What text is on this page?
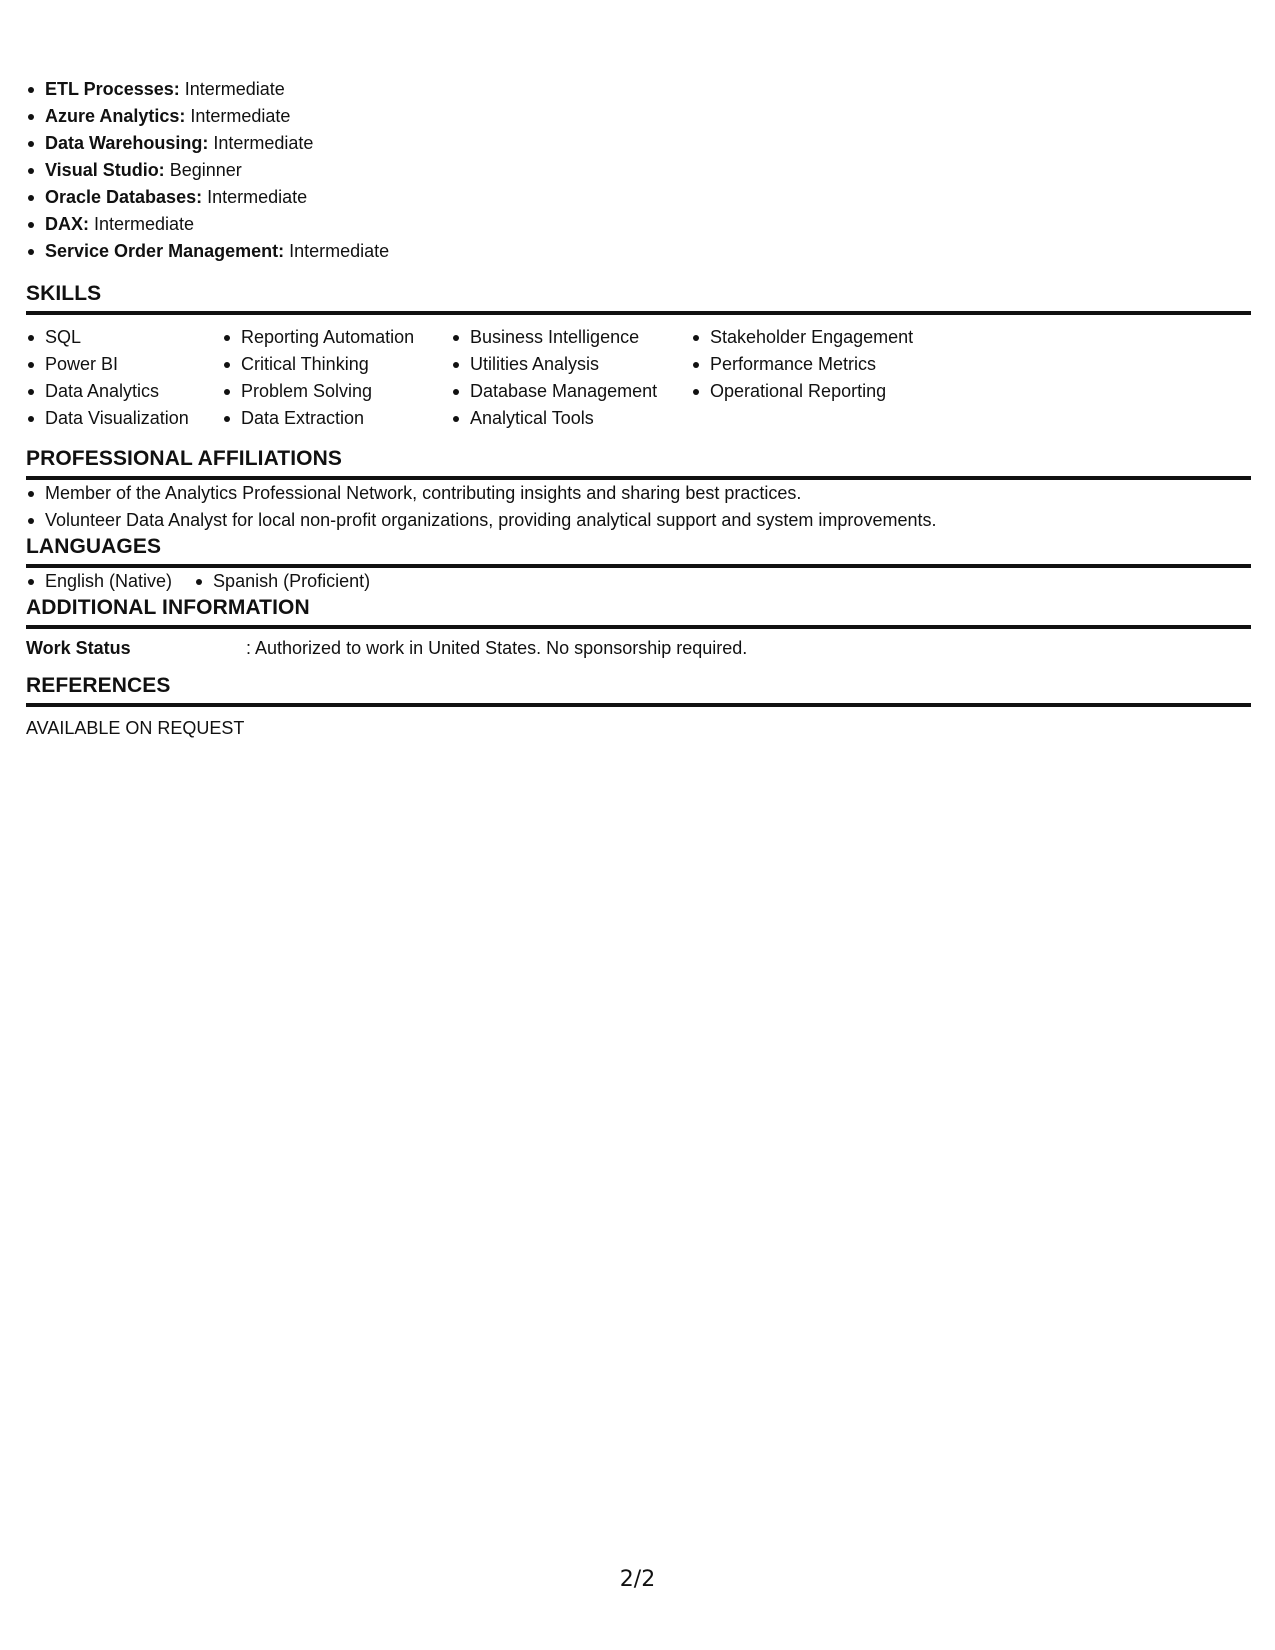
ETL Processes: Intermediate
Azure Analytics: Intermediate
Data Warehousing: Intermediate
Visual Studio: Beginner
Oracle Databases: Intermediate
DAX: Intermediate
Service Order Management: Intermediate
SKILLS
SQL
Power BI
Data Analytics
Data Visualization
Reporting Automation
Critical Thinking
Problem Solving
Data Extraction
Business Intelligence
Utilities Analysis
Database Management
Analytical Tools
Stakeholder Engagement
Performance Metrics
Operational Reporting
PROFESSIONAL AFFILIATIONS
Member of the Analytics Professional Network, contributing insights and sharing best practices.
Volunteer Data Analyst for local non-profit organizations, providing analytical support and system improvements.
LANGUAGES
English (Native)	Spanish (Proficient)
ADDITIONAL INFORMATION
Work Status	: Authorized to work in United States. No sponsorship required.
REFERENCES
AVAILABLE ON REQUEST
2/2
